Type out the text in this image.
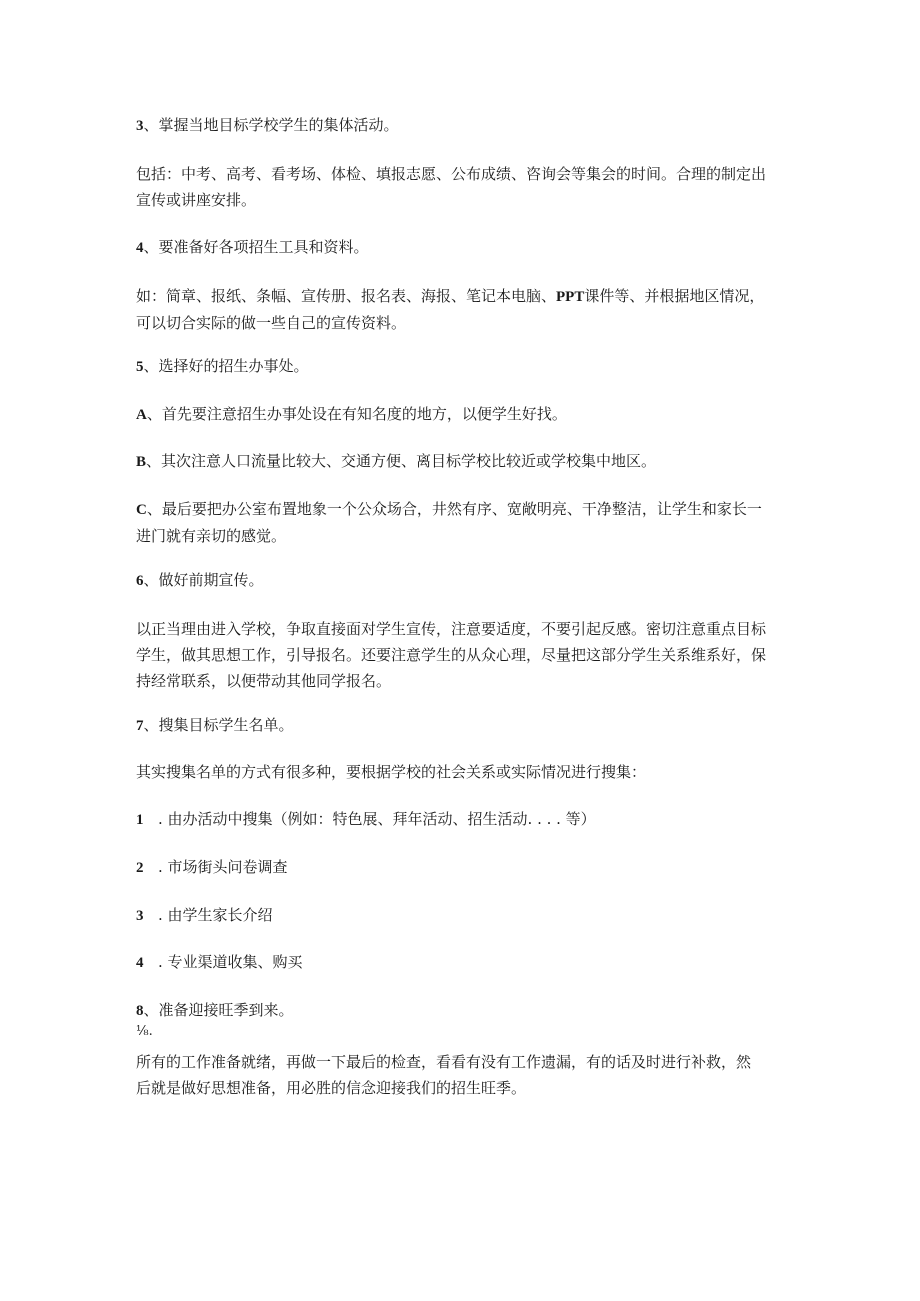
3、掌握当地目标学校学生的集体活动。
包括：中考、高考、看考场、体检、填报志愿、公布成绩、咨询会等集会的时间。合理的制定出
宣传或讲座安排。
4、要准备好各项招生工具和资料。
如：简章、报纸、条幅、宣传册、报名表、海报、笔记本电脑、PPT课件等、并根据地区情况，
可以切合实际的做一些自己的宣传资料。
5、选择好的招生办事处。
A、首先要注意招生办事处设在有知名度的地方，以便学生好找。
B、其次注意人口流量比较大、交通方便、离目标学校比较近或学校集中地区。
C、最后要把办公室布置地象一个公众场合，井然有序、宽敞明亮、干净整洁，让学生和家长一
进门就有亲切的感觉。
6、做好前期宣传。
以正当理由进入学校，争取直接面对学生宣传，注意要适度，不要引起反感。密切注意重点目标
学生，做其思想工作，引导报名。还要注意学生的从众心理，尽量把这部分学生关系维系好，保
持经常联系，以便带动其他同学报名。
7、搜集目标学生名单。
其实搜集名单的方式有很多种，要根据学校的社会关系或实际情况进行搜集：
1 . 由办活动中搜集（例如：特色展、拜年活动、招生活动. . . . 等）
2 . 市场街头问卷调查
3 . 由学生家长介绍
4 . 专业渠道收集、购买
8、准备迎接旺季到来。
⅛.
所有的工作准备就绪，再做一下最后的检查，看看有没有工作遗漏，有的话及时进行补救，然
后就是做好思想准备，用必胜的信念迎接我们的招生旺季。
